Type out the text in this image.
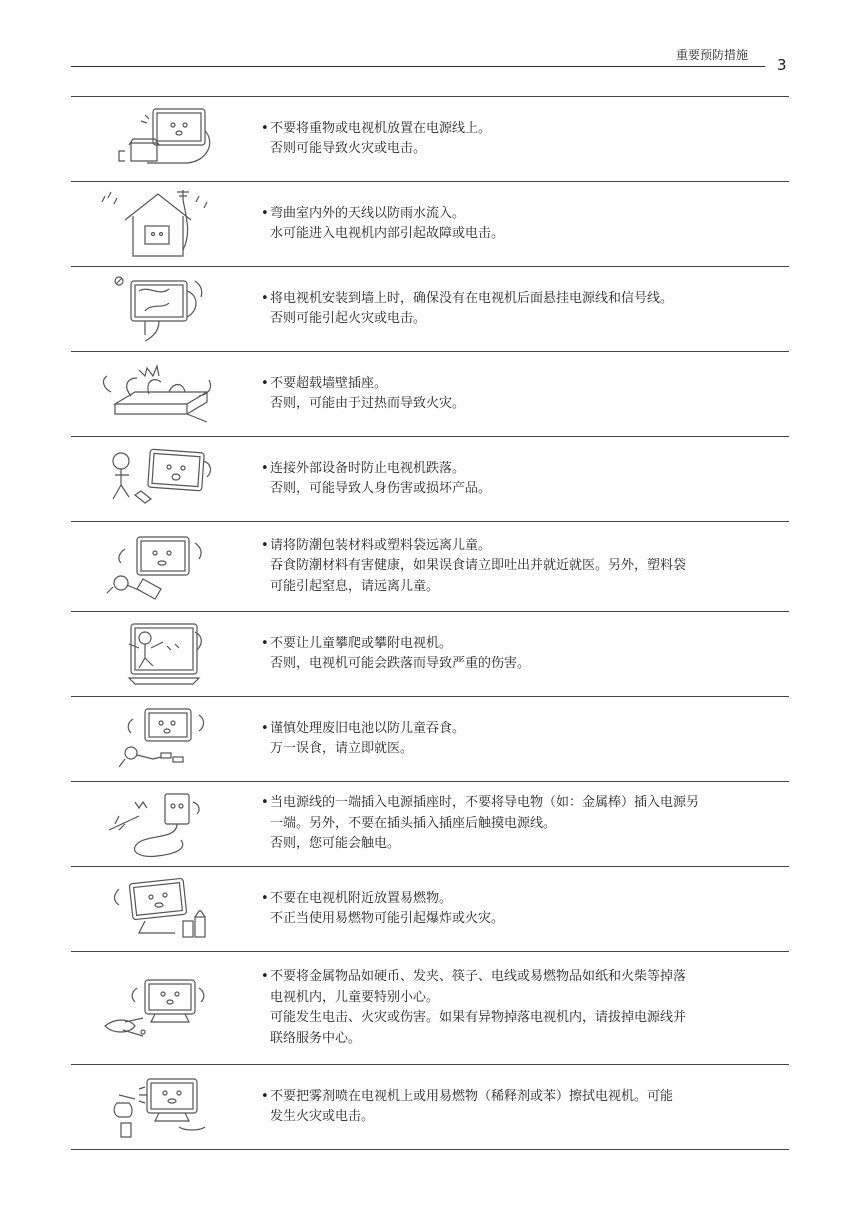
重要预防措施
3
•不要将重物或电视机放置在电源线上。
否则可能导致火灾或电击。
•弯曲室内外的天线以防雨水流入。
水可能进入电视机内部引起故障或电击。
•将电视机安装到墙上时，确保没有在电视机后面悬挂电源线和信号线。
否则可能引起火灾或电击。
•不要超载墙壁插座。
否则，可能由于过热而导致火灾。
•连接外部设备时防止电视机跌落。
否则，可能导致人身伤害或损坏产品。
•请将防潮包装材料或塑料袋远离儿童。
吞食防潮材料有害健康，如果误食请立即吐出并就近就医。另外，塑料袋
可能引起窒息，请远离儿童。
•不要让儿童攀爬或攀附电视机。
否则，电视机可能会跌落而导致严重的伤害。
•谨慎处理废旧电池以防儿童吞食。
万一误食，请立即就医。
•当电源线的一端插入电源插座时，不要将导电物（如：金属棒）插入电源另
一端。另外，不要在插头插入插座后触摸电源线。
否则，您可能会触电。
•不要在电视机附近放置易燃物。
不正当使用易燃物可能引起爆炸或火灾。
•不要将金属物品如硬币、发夹、筷子、电线或易燃物品如纸和火柴等掉落
电视机内，儿童要特别小心。
可能发生电击、火灾或伤害。如果有异物掉落电视机内，请拔掉电源线并
联络服务中心。
•不要把雾剂喷在电视机上或用易燃物（稀释剂或苯）擦拭电视机。可能
发生火灾或电击。
